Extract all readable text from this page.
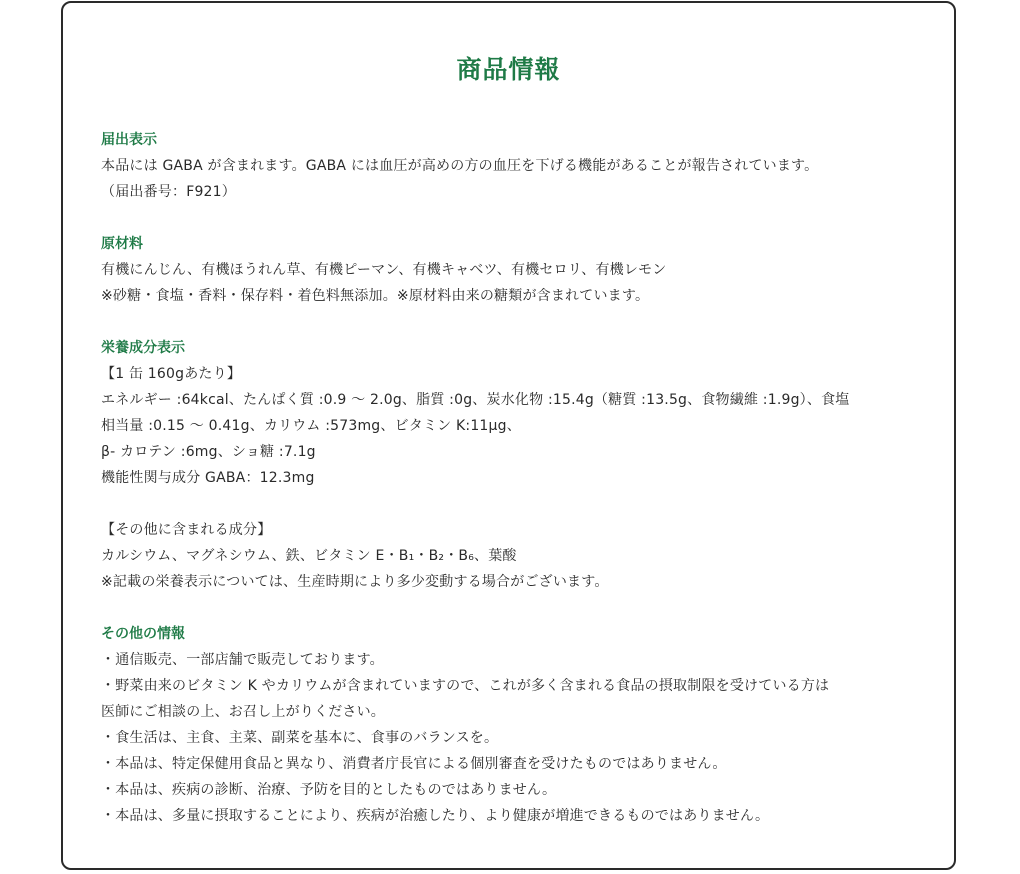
商品情報
届出表示
本品には GABA が含まれます。GABA には血圧が高めの方の血圧を下げる機能があることが報告されています。
（届出番号：F921）
原材料
有機にんじん、有機ほうれん草、有機ピーマン、有機キャベツ、有機セロリ、有機レモン
※砂糖・食塩・香料・保存料・着色料無添加。※原材料由来の糖類が含まれています。
栄養成分表示
【1 缶 160gあたり】
エネルギー :64kcal、たんぱく質 :0.9 ～ 2.0g、脂質 :0g、炭水化物 :15.4g（糖質 :13.5g、食物繊維 :1.9g）、食塩
相当量 :0.15 ～ 0.41g、カリウム :573mg、ビタミン K:11µg、
β- カロテン :6mg、ショ糖 :7.1g
機能性関与成分 GABA：12.3mg
【その他に含まれる成分】
カルシウム、マグネシウム、鉄、ビタミン E・B₁・B₂・B₆、葉酸
※記載の栄養表示については、生産時期により多少変動する場合がございます。
その他の情報
・通信販売、一部店舗で販売しております。
・野菜由来のビタミン K やカリウムが含まれていますので、これが多く含まれる食品の摂取制限を受けている方は
医師にご相談の上、お召し上がりください。
・食生活は、主食、主菜、副菜を基本に、食事のバランスを。
・本品は、特定保健用食品と異なり、消費者庁長官による個別審査を受けたものではありません。
・本品は、疾病の診断、治療、予防を目的としたものではありません。
・本品は、多量に摂取することにより、疾病が治癒したり、より健康が増進できるものではありません。
